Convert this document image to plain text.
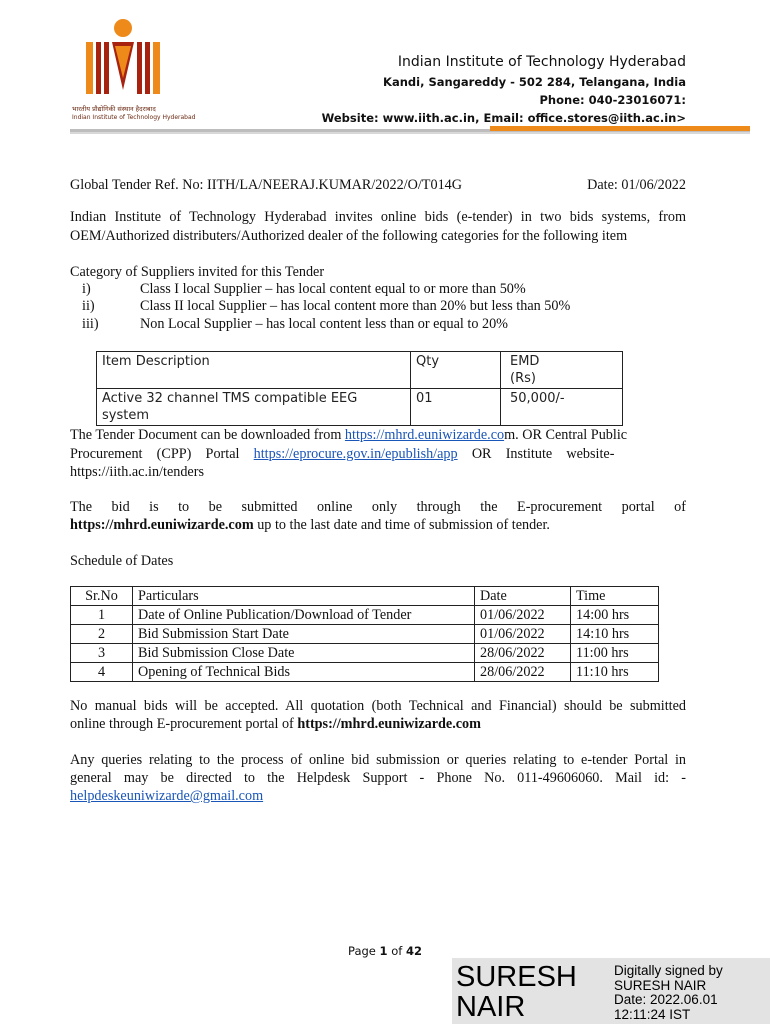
भारतीय प्रौद्योगिकी संस्थान हैदराबाद
Indian Institute of Technology Hyderabad
Indian Institute of Technology Hyderabad
Kandi, Sangareddy - 502 284, Telangana, India
Phone: 040-23016071:
Website: www.iith.ac.in, Email: office.stores@iith.ac.in>
Global Tender Ref. No: IITH/LA/NEERAJ.KUMAR/2022/O/T014G	Date: 01/06/2022
Indian Institute of Technology Hyderabad invites online bids (e-tender) in two bids systems, from
OEM/Authorized distributers/Authorized dealer of the following categories for the following item
Category of Suppliers invited for this Tender
i)	Class I local Supplier – has local content equal to or more than 50%
ii)	Class II local Supplier – has local content more than 20% but less than 50%
iii)	Non Local Supplier – has local content less than or equal to 20%
Item Description	Qty	EMD
(Rs)

Active 32 channel TMS compatible EEG system	01	50,000/-
The Tender Document can be downloaded from https://mhrd.euniwizarde.com. OR Central Public
Procurement    (CPP)    Portal    https://eprocure.gov.in/epublish/app    OR    Institute    website-
https://iith.ac.in/tenders
The bid is to be submitted online only through the E-procurement portal of
https://mhrd.euniwizarde.com up to the last date and time of submission of tender.
Schedule of Dates
Sr.No	Particulars	Date	Time
1	Date of Online Publication/Download of Tender	01/06/2022	14:00 hrs
2	Bid Submission Start Date	01/06/2022	14:10 hrs
3	Bid Submission Close Date	28/06/2022	11:00 hrs
4	Opening of Technical Bids	28/06/2022	11:10 hrs
No manual bids will be accepted. All quotation (both Technical and Financial) should be submitted
online through E-procurement portal of https://mhrd.euniwizarde.com
Any queries relating to the process of online bid submission or queries relating to e-tender Portal in
general may be directed to the Helpdesk Support - Phone No. 011-49606060. Mail id: -
helpdeskeuniwizarde@gmail.com
Page 1 of 42
SURESH
NAIR
Digitally signed by
SURESH NAIR
Date: 2022.06.01
12:11:24 IST
